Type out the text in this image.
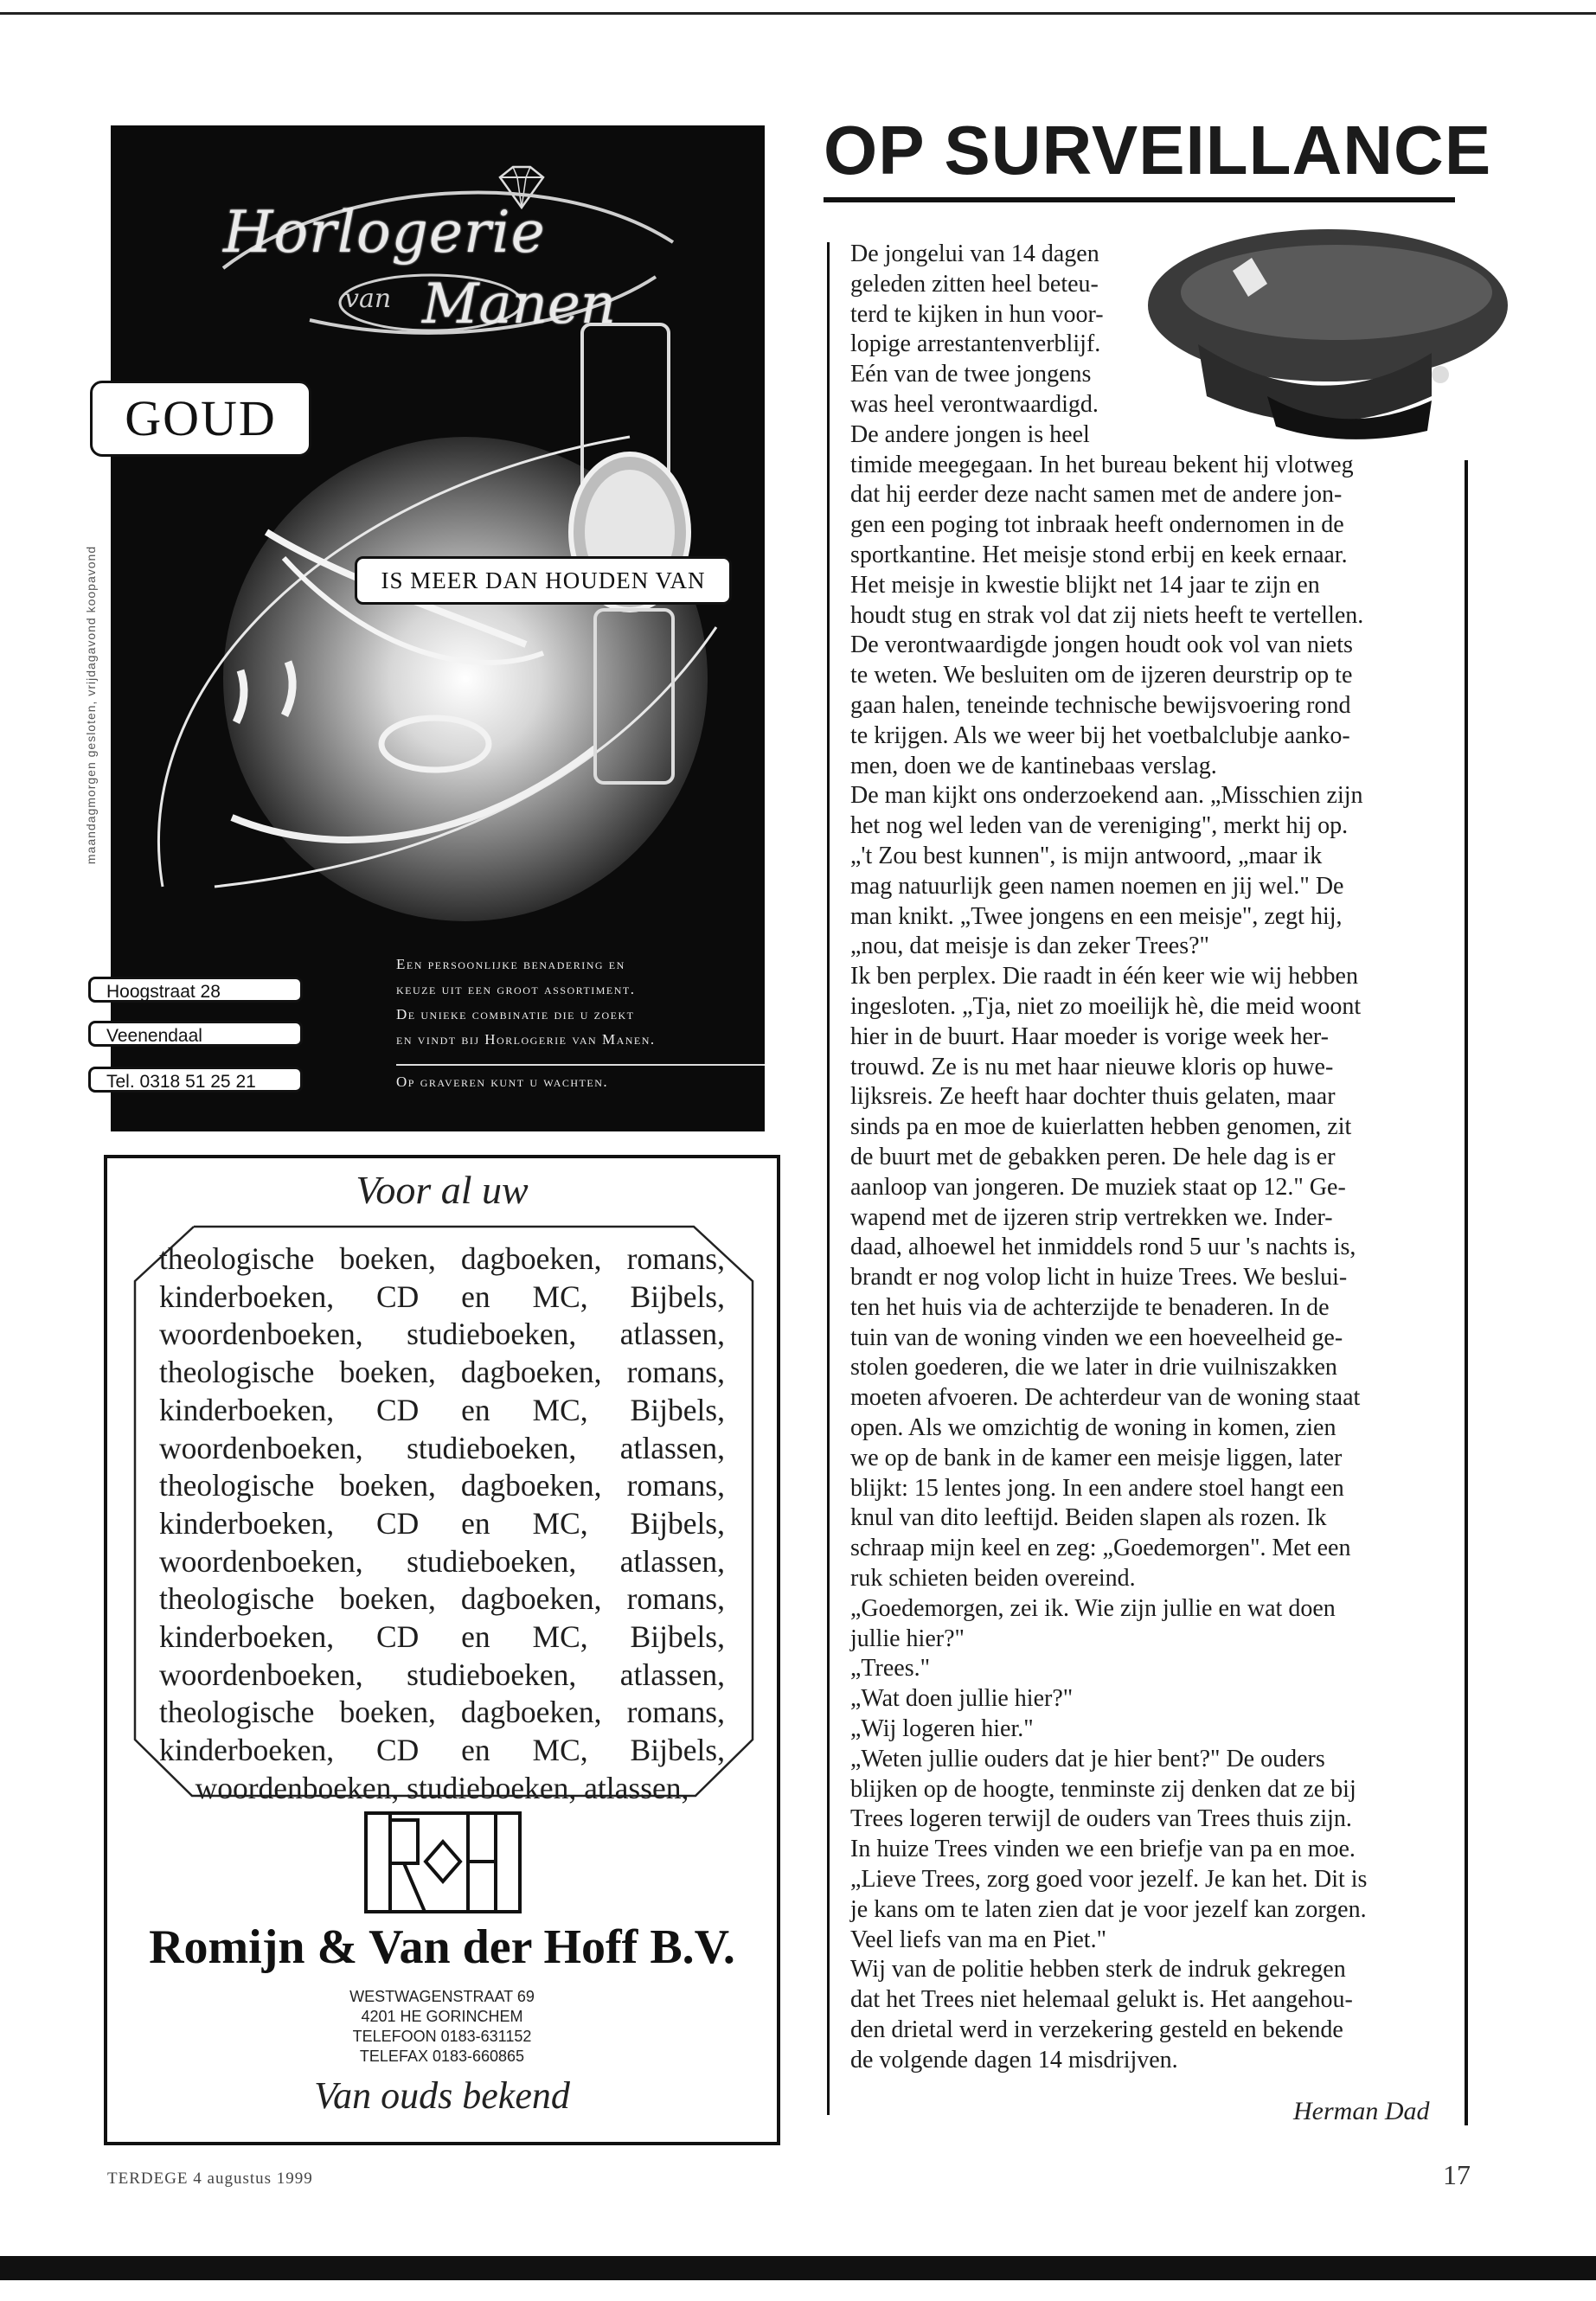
Horlogerie
van Manen
Een persoonlijke benadering en
keuze uit een groot assortiment.
De unieke combinatie die u zoekt
en vindt bij Horlogerie van Manen.
Op graveren kunt u wachten.
GOUD
IS MEER DAN HOUDEN VAN
maandagmorgen gesloten, vrijdagavond koopavond
Hoogstraat 28
Veenendaal
Tel. 0318 51 25 21
Voor al uw
theologische boeken, dagboeken, romans, kinderboeken, CD en MC, Bijbels, woordenboeken, studieboeken, atlassen, theologische boeken, dagboeken, romans, kinderboeken, CD en MC, Bijbels, woordenboeken, studieboeken, atlassen, theologische boeken, dagboeken, romans, kinderboeken, CD en MC, Bijbels, woordenboeken, studieboeken, atlassen, theologische boeken, dagboeken, romans, kinderboeken, CD en MC, Bijbels, woordenboeken, studieboeken, atlassen, theologische boeken, dagboeken, romans, kinderboeken, CD en MC, Bijbels, woordenboeken, studieboeken, atlassen,
Romijn & Van der Hoff B.V.
WESTWAGENSTRAAT 69
4201 HE GORINCHEM
TELEFOON 0183-631152
TELEFAX 0183-660865
Van ouds bekend
OP SURVEILLANCE
De jongelui van 14 dagen
geleden zitten heel beteu-
terd te kijken in hun voor-
lopige arrestantenverblijf.
Eén van de twee jongens
was heel verontwaardigd.
De andere jongen is heel
timide meegegaan. In het bureau bekent hij vlotweg
dat hij eerder deze nacht samen met de andere jon-
gen een poging tot inbraak heeft ondernomen in de
sportkantine. Het meisje stond erbij en keek ernaar.
Het meisje in kwestie blijkt net 14 jaar te zijn en
houdt stug en strak vol dat zij niets heeft te vertellen.
De verontwaardigde jongen houdt ook vol van niets
te weten. We besluiten om de ijzeren deurstrip op te
gaan halen, teneinde technische bewijsvoering rond
te krijgen. Als we weer bij het voetbalclubje aanko-
men, doen we de kantinebaas verslag.
De man kijkt ons onderzoekend aan. „Misschien zijn
het nog wel leden van de vereniging", merkt hij op.
„'t Zou best kunnen", is mijn antwoord, „maar ik
mag natuurlijk geen namen noemen en jij wel." De
man knikt. „Twee jongens en een meisje", zegt hij,
„nou, dat meisje is dan zeker Trees?"
Ik ben perplex. Die raadt in één keer wie wij hebben
ingesloten. „Tja, niet zo moeilijk hè, die meid woont
hier in de buurt. Haar moeder is vorige week her-
trouwd. Ze is nu met haar nieuwe kloris op huwe-
lijksreis. Ze heeft haar dochter thuis gelaten, maar
sinds pa en moe de kuierlatten hebben genomen, zit
de buurt met de gebakken peren. De hele dag is er
aanloop van jongeren. De muziek staat op 12." Ge-
wapend met de ijzeren strip vertrekken we. Inder-
daad, alhoewel het inmiddels rond 5 uur 's nachts is,
brandt er nog volop licht in huize Trees. We beslui-
ten het huis via de achterzijde te benaderen. In de
tuin van de woning vinden we een hoeveelheid ge-
stolen goederen, die we later in drie vuilniszakken
moeten afvoeren. De achterdeur van de woning staat
open. Als we omzichtig de woning in komen, zien
we op de bank in de kamer een meisje liggen, later
blijkt: 15 lentes jong. In een andere stoel hangt een
knul van dito leeftijd. Beiden slapen als rozen. Ik
schraap mijn keel en zeg: „Goedemorgen". Met een
ruk schieten beiden overeind.
„Goedemorgen, zei ik. Wie zijn jullie en wat doen
jullie hier?"
„Trees."
„Wat doen jullie hier?"
„Wij logeren hier."
„Weten jullie ouders dat je hier bent?" De ouders
blijken op de hoogte, tenminste zij denken dat ze bij
Trees logeren terwijl de ouders van Trees thuis zijn.
In huize Trees vinden we een briefje van pa en moe.
„Lieve Trees, zorg goed voor jezelf. Je kan het. Dit is
je kans om te laten zien dat je voor jezelf kan zorgen.
Veel liefs van ma en Piet."
Wij van de politie hebben sterk de indruk gekregen
dat het Trees niet helemaal gelukt is. Het aangehou-
den drietal werd in verzekering gesteld en bekende
de volgende dagen 14 misdrijven.
Herman Dad
TERDEGE 4 augustus 1999	17
